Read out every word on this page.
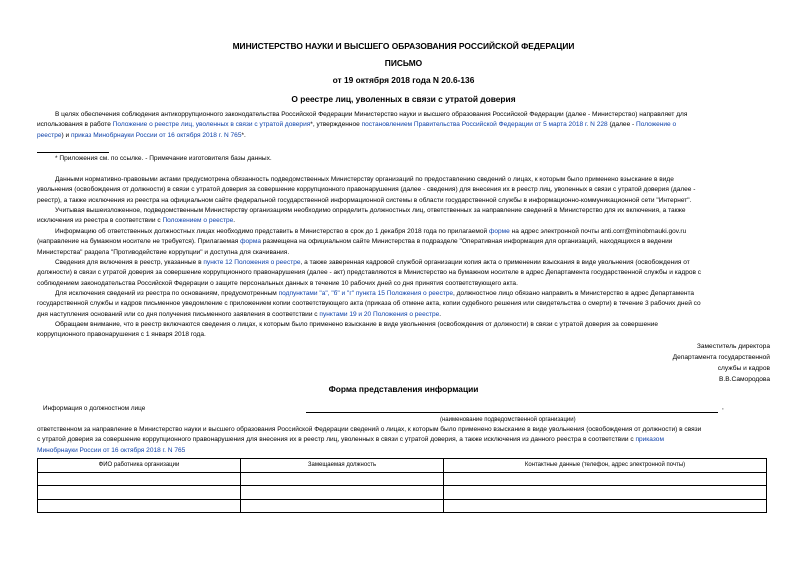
МИНИСТЕРСТВО НАУКИ И ВЫСШЕГО ОБРАЗОВАНИЯ РОССИЙСКОЙ ФЕДЕРАЦИИ
ПИСЬМО
от 19 октября 2018 года N 20.6-136
О реестре лиц, уволенных в связи с утратой доверия
В целях обеспечения соблюдения антикоррупционного законодательства Российской Федерации Министерство науки и высшего образования Российской Федерации (далее - Министерство) направляет для
использования в работе Положение о реестре лиц, уволенных в связи с утратой доверия*, утвержденное постановлением Правительства Российской Федерации от 5 марта 2018 г. N 228 (далее - Положение о
реестре) и приказ Минобрнауки России от 16 октября 2018 г. N 765*.
* Приложения см. по ссылке. - Примечание изготовителя базы данных.
Данными нормативно-правовыми актами предусмотрена обязанность подведомственных Министерству организаций по предоставлению сведений о лицах, к которым было применено взыскание в виде
увольнения (освобождения от должности) в связи с утратой доверия за совершение коррупционного правонарушения (далее - сведения) для внесения их в реестр лиц, уволенных в связи с утратой доверия (далее -
реестр), а также исключения из реестра на официальном сайте федеральной государственной информационной системы в области государственной службы в информационно-коммуникационной сети "Интернет".
Учитывая вышеизложенное, подведомственным Министерству организациям необходимо определить должностных лиц, ответственных за направление сведений в Министерство для их включения, а также
исключения из реестра в соответствии с Положением о реестре.
Информацию об ответственных должностных лицах необходимо представить в Министерство в срок до 1 декабря 2018 года по прилагаемой форме на адрес электронной почты anti.corr@minobrnauki.gov.ru
(направление на бумажном носителе не требуется). Прилагаемая форма размещена на официальном сайте Министерства в подразделе "Оперативная информация для организаций, находящихся в ведении
Министерства" раздела "Противодействие коррупции" и доступна для скачивания.
Сведения для включения в реестр, указанные в пункте 12 Положения о реестре, а также заверенная кадровой службой организации копия акта о применении взыскания в виде увольнения (освобождения от
должности) в связи с утратой доверия за совершение коррупционного правонарушения (далее - акт) представляются в Министерство на бумажном носителе в адрес Департамента государственной службы и кадров с
соблюдением законодательства Российской Федерации о защите персональных данных в течение 10 рабочих дней со дня принятия соответствующего акта.
Для исключения сведений из реестра по основаниям, предусмотренным подпунктами "а", "б" и "г" пункта 15 Положения о реестре, должностное лицо обязано направить в Министерство в адрес Департамента
государственной службы и кадров письменное уведомление с приложением копии соответствующего акта (приказа об отмене акта, копии судебного решения или свидетельства о смерти) в течение 3 рабочих дней со
дня наступления оснований или со дня получения письменного заявления в соответствии с пунктами 19 и 20 Положения о реестре.
Обращаем внимание, что в реестр включаются сведения о лицах, к которым было применено взыскание в виде увольнения (освобождения от должности) в связи с утратой доверия за совершение
коррупционного правонарушения с 1 января 2018 года.
Заместитель директора
Департамента государственной
службы и кадров
В.В.Самородова
Форма представления информации
Информация о должностном лице	,
(наименование подведомственной организации)
ответственном за направление в Министерство науки и высшего образования Российской Федерации сведений о лицах, к которым было применено взыскание в виде увольнения (освобождения от должности) в связи
с утратой доверия за совершение коррупционного правонарушения для внесения их в реестр лиц, уволенных в связи с утратой доверия, а также исключения из данного реестра в соответствии с приказом
Минобрнауки России от 16 октября 2018 г. N 765
ФИО работника организации	Замещаемая должность	Контактные данные (телефон, адрес электронной почты)
